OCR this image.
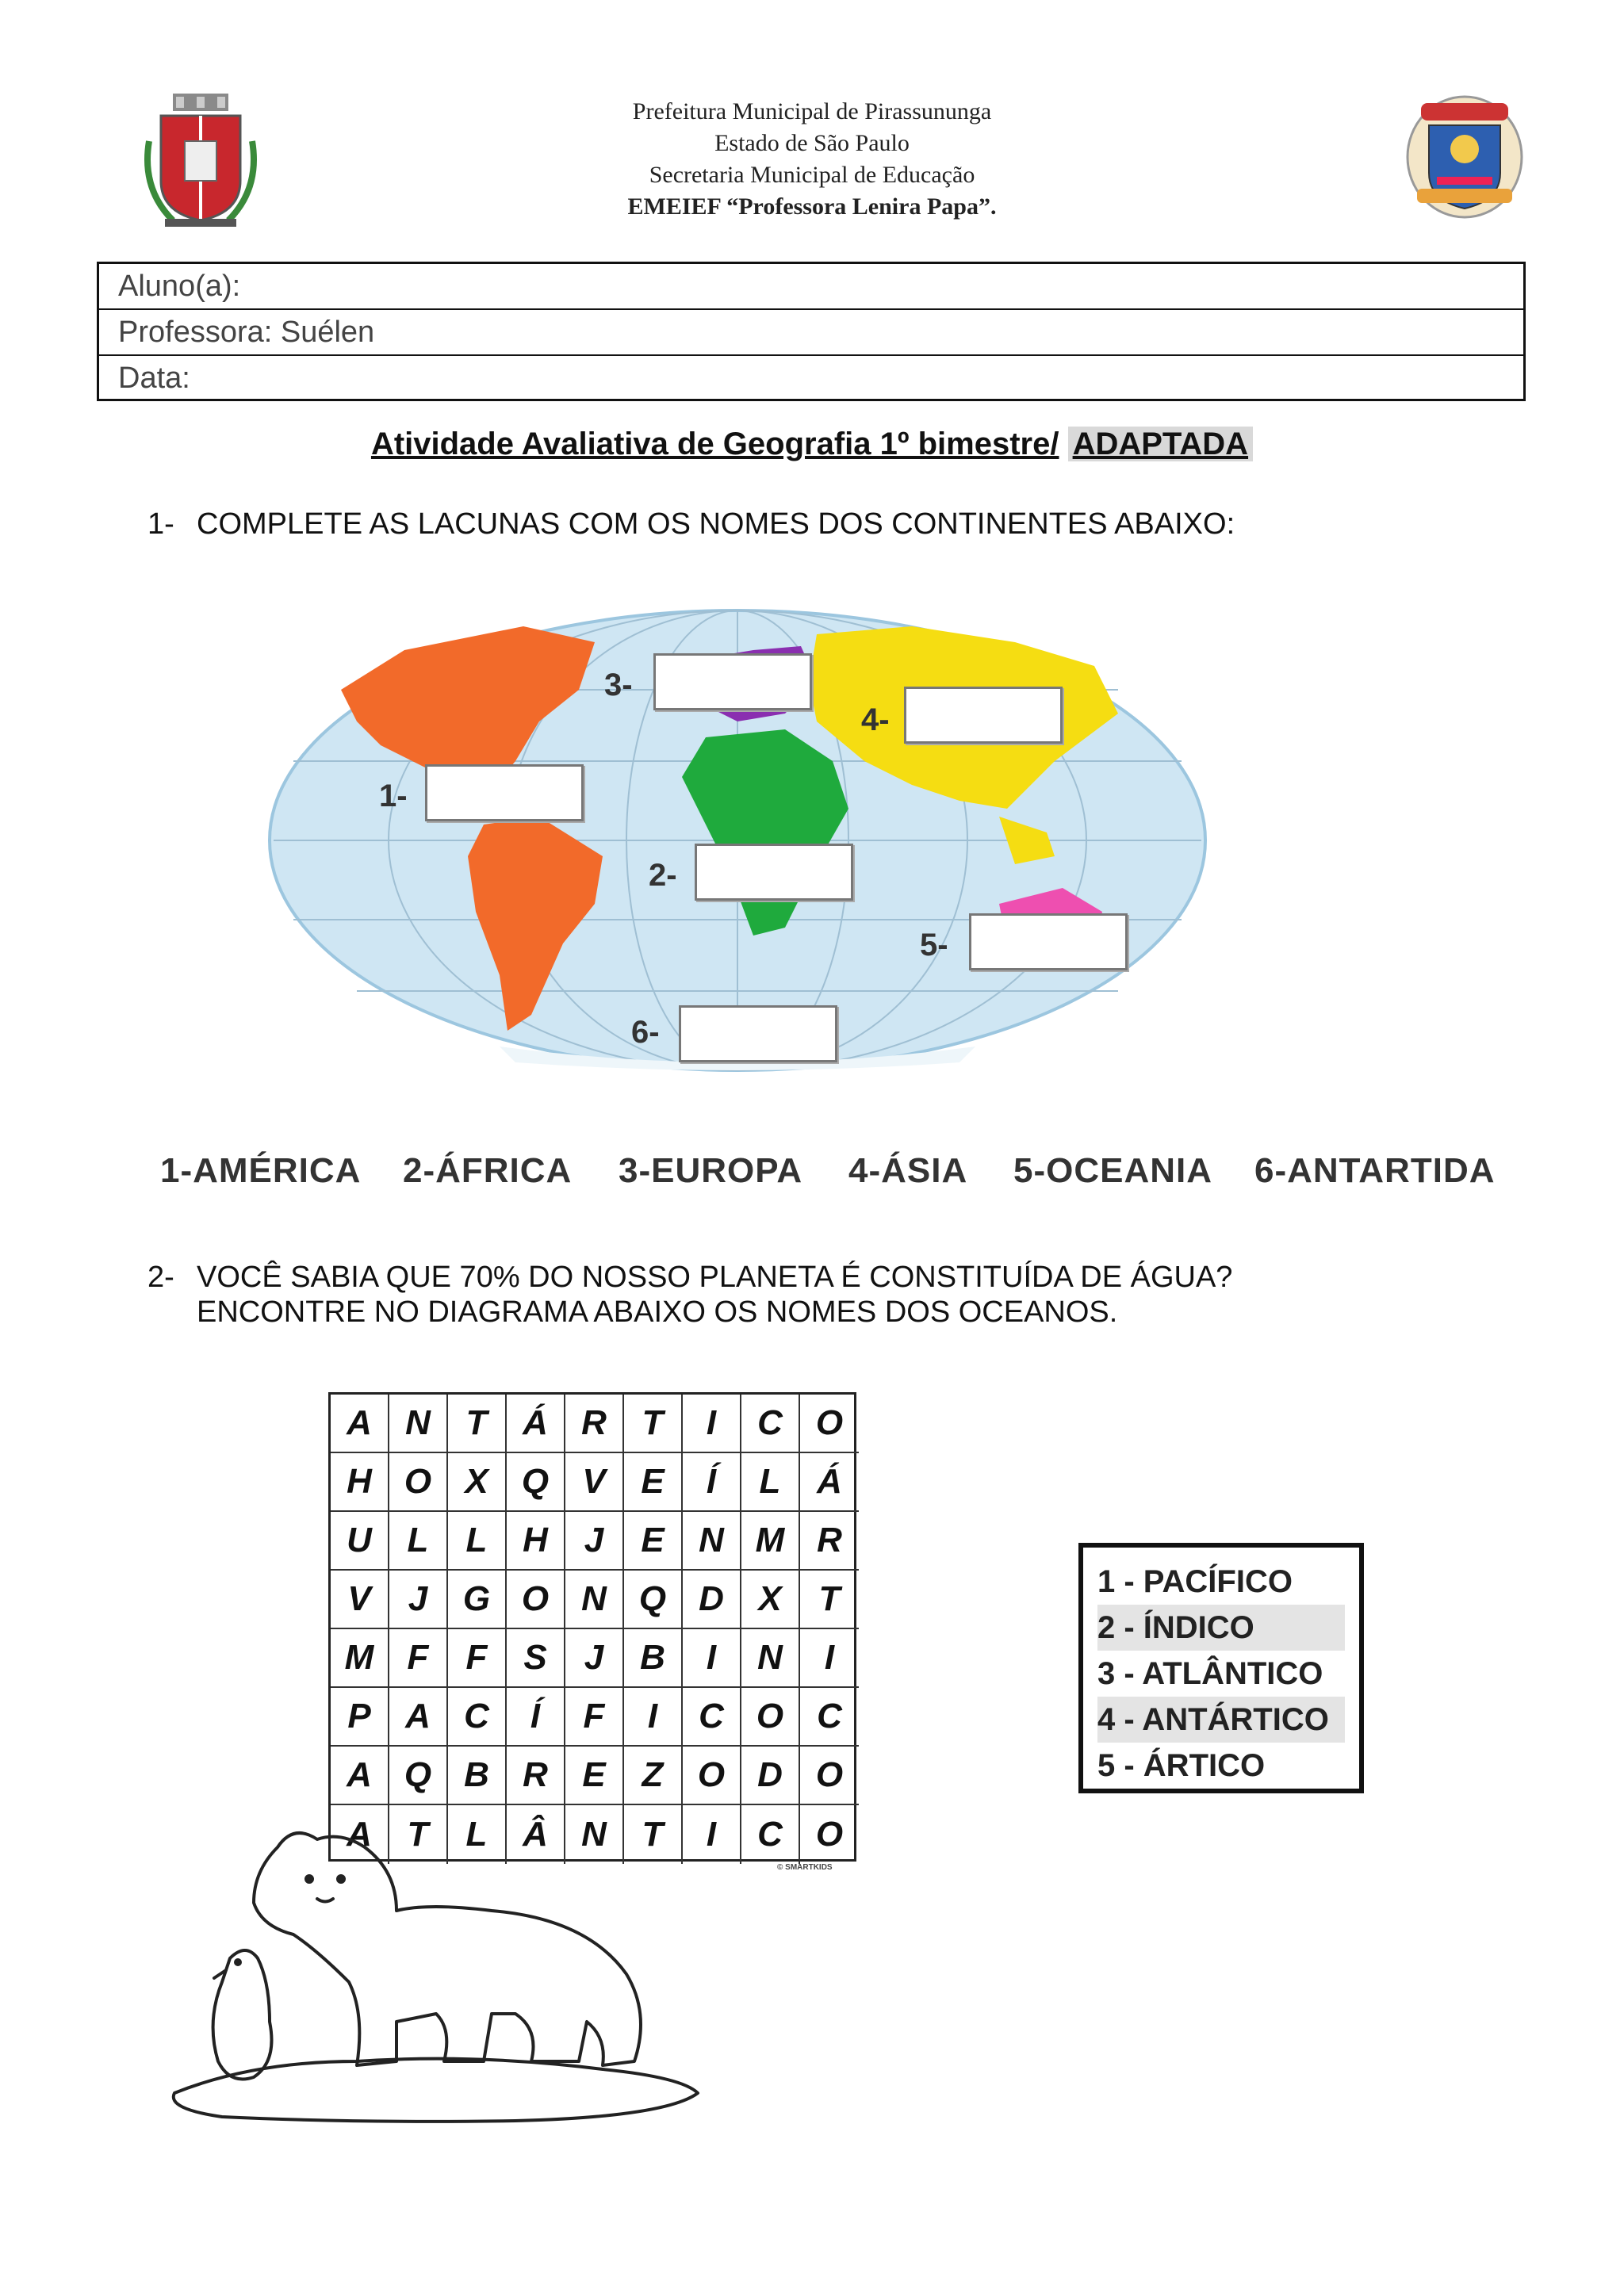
Prefeitura Municipal de Pirassununga
Estado de São Paulo
Secretaria Municipal de Educação
EMEIEF “Professora Lenira Papa”.
Aluno(a):
Professora: Suélen
Data:
Atividade Avaliativa de Geografia 1º bimestre/ ADAPTADA
1- COMPLETE AS LACUNAS COM OS NOMES DOS CONTINENTES ABAIXO:
1-
2-
3-
4-
5-
6-
1-AMÉRICA 2-ÁFRICA 3-EUROPA 4-ÁSIA 5-OCEANIA 6-ANTARTIDA
2- VOCÊ SABIA QUE 70% DO NOSSO PLANETA É CONSTITUÍDA DE ÁGUA?
ENCONTRE NO DIAGRAMA ABAIXO OS NOMES DOS OCEANOS.
A N	T	Á R	T	I	C O
H O X Q V	E	Í	L	Á
U	L	L	H	J	E N M R
V	J	G O N Q D X	T
M F	F	S	J	B	I	N	I
P A C	Í	F	I	C O C
A Q B R E	Z O D O
A	T	L	Â N	T	I	C O
© SMARTKIDS
1 - PACÍFICO
2 - ÍNDICO
3 - ATLÂNTICO
4 - ANTÁRTICO
5 - ÁRTICO
